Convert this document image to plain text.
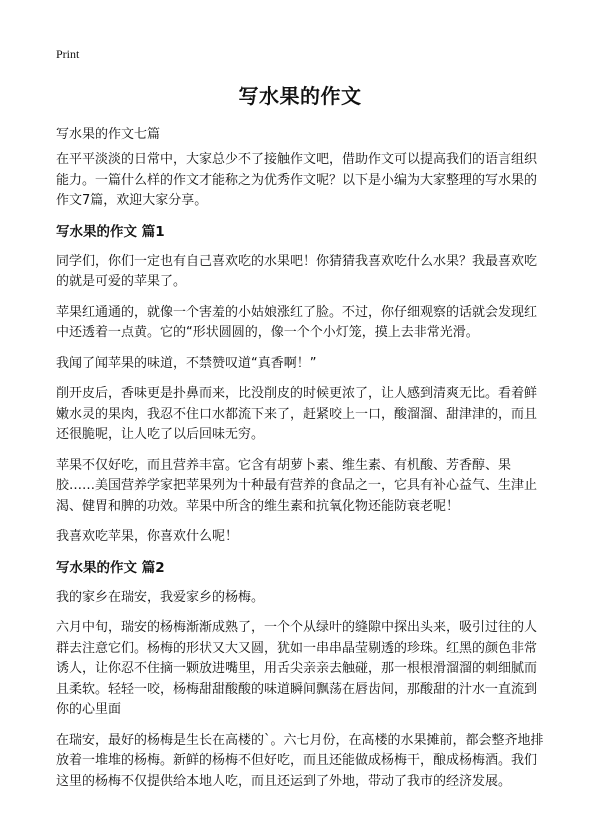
Print
写水果的作文
写水果的作文七篇

在平平淡淡的日常中，大家总少不了接触作文吧，借助作文可以提高我们的语言组织能力。一篇什么样的作文才能称之为优秀作文呢？以下是小编为大家整理的写水果的作文7篇，欢迎大家分享。

写水果的作文 篇1

同学们，你们一定也有自己喜欢吃的水果吧！你猜猜我喜欢吃什么水果？我最喜欢吃的就是可爱的苹果了。

苹果红通通的，就像一个害羞的小姑娘涨红了脸。不过，你仔细观察的话就会发现红中还透着一点黄。它的“形状圆圆的，像一个个小灯笼，摸上去非常光滑。

我闻了闻苹果的味道，不禁赞叹道“真香啊！”

削开皮后，香味更是扑鼻而来，比没削皮的时候更浓了，让人感到清爽无比。看着鲜嫩水灵的果肉，我忍不住口水都流下来了，赶紧咬上一口，酸溜溜、甜津津的，而且还很脆呢，让人吃了以后回味无穷。

苹果不仅好吃，而且营养丰富。它含有胡萝卜素、维生素、有机酸、芳香醇、果胶……美国营养学家把苹果列为十种最有营养的食品之一，它具有补心益气、生津止渴、健胃和脾的功效。苹果中所含的维生素和抗氧化物还能防衰老呢！

我喜欢吃苹果，你喜欢什么呢！

写水果的作文 篇2

我的家乡在瑞安，我爱家乡的杨梅。

六月中旬，瑞安的杨梅渐渐成熟了，一个个从绿叶的缝隙中探出头来，吸引过往的人群去注意它们。杨梅的形状又大又圆，犹如一串串晶莹剔透的珍珠。红黑的颜色非常诱人，让你忍不住摘一颗放进嘴里，用舌尖亲亲去触碰，那一根根滑溜溜的刺细腻而且柔软。轻轻一咬，杨梅甜甜酸酸的味道瞬间飘荡在唇齿间，那酸甜的汁水一直流到你的心里面

在瑞安，最好的杨梅是生长在高楼的`。六七月份，在高楼的水果摊前，都会整齐地排放着一堆堆的杨梅。新鲜的杨梅不但好吃，而且还能做成杨梅干，酿成杨梅酒。我们这里的杨梅不仅提供给本地人吃，而且还运到了外地，带动了我市的经济发展。
